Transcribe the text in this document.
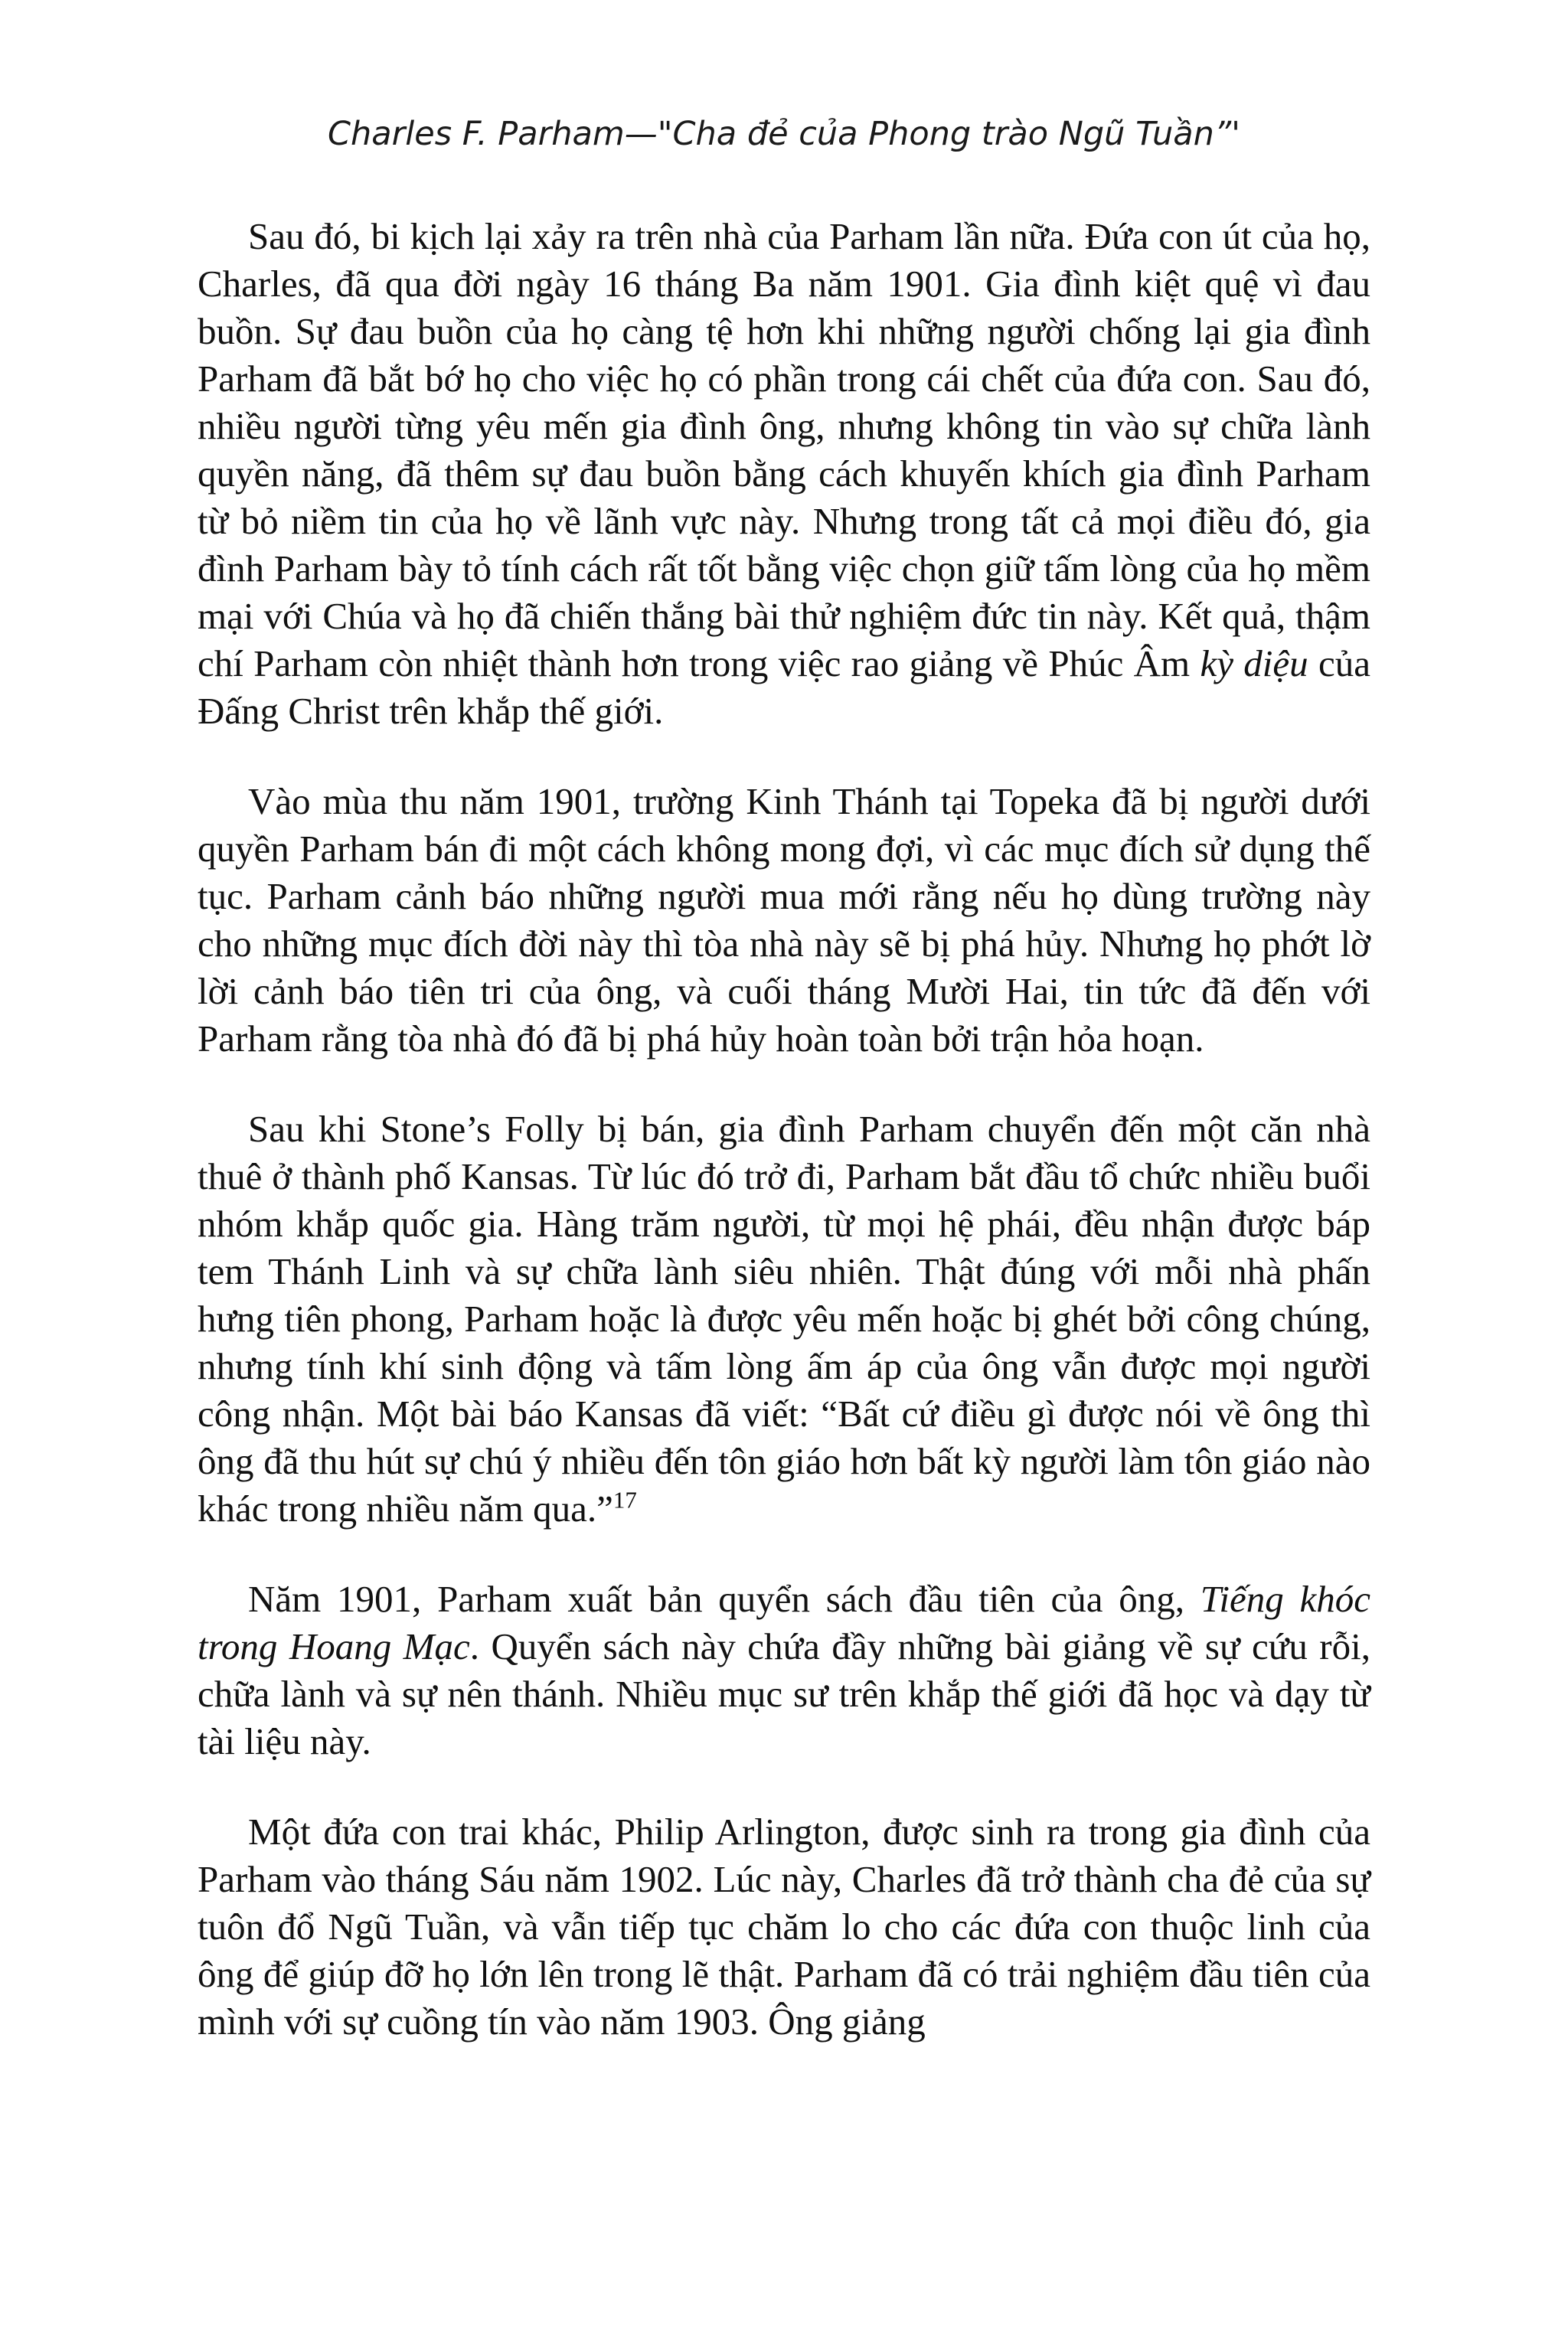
Charles F. Parham—"Cha đẻ của Phong trào Ngũ Tuần”'

Sau đó, bi kịch lại xảy ra trên nhà của Parham lần nữa. Đứa con út của họ, Charles, đã qua đời ngày 16 tháng Ba năm 1901. Gia đình kiệt quệ vì đau buồn. Sự đau buồn của họ càng tệ hơn khi những người chống lại gia đình Parham đã bắt bớ họ cho việc họ có phần trong cái chết của đứa con. Sau đó, nhiều người từng yêu mến gia đình ông, nhưng không tin vào sự chữa lành quyền năng, đã thêm sự đau buồn bằng cách khuyến khích gia đình Parham từ bỏ niềm tin của họ về lãnh vực này. Nhưng trong tất cả mọi điều đó, gia đình Parham bày tỏ tính cách rất tốt bằng việc chọn giữ tấm lòng của họ mềm mại với Chúa và họ đã chiến thắng bài thử nghiệm đức tin này. Kết quả, thậm chí Parham còn nhiệt thành hơn trong việc rao giảng về Phúc Âm kỳ diệu của Đấng Christ trên khắp thế giới.

Vào mùa thu năm 1901, trường Kinh Thánh tại Topeka đã bị người dưới quyền Parham bán đi một cách không mong đợi, vì các mục đích sử dụng thế tục. Parham cảnh báo những người mua mới rằng nếu họ dùng trường này cho những mục đích đời này thì tòa nhà này sẽ bị phá hủy. Nhưng họ phớt lờ lời cảnh báo tiên tri của ông, và cuối tháng Mười Hai, tin tức đã đến với Parham rằng tòa nhà đó đã bị phá hủy hoàn toàn bởi trận hỏa hoạn.

Sau khi Stone’s Folly bị bán, gia đình Parham chuyển đến một căn nhà thuê ở thành phố Kansas. Từ lúc đó trở đi, Parham bắt đầu tổ chức nhiều buổi nhóm khắp quốc gia. Hàng trăm người, từ mọi hệ phái, đều nhận được báp tem Thánh Linh và sự chữa lành siêu nhiên. Thật đúng với mỗi nhà phấn hưng tiên phong, Parham hoặc là được yêu mến hoặc bị ghét bởi công chúng, nhưng tính khí sinh động và tấm lòng ấm áp của ông vẫn được mọi người công nhận. Một bài báo Kansas đã viết: “Bất cứ điều gì được nói về ông thì ông đã thu hút sự chú ý nhiều đến tôn giáo hơn bất kỳ người làm tôn giáo nào khác trong nhiều năm qua.”$^{17}$

Năm 1901, Parham xuất bản quyển sách đầu tiên của ông, Tiếng khóc trong Hoang Mạc. Quyển sách này chứa đầy những bài giảng về sự cứu rỗi, chữa lành và sự nên thánh. Nhiều mục sư trên khắp thế giới đã học và dạy từ tài liệu này.

Một đứa con trai khác, Philip Arlington, được sinh ra trong gia đình của Parham vào tháng Sáu năm 1902. Lúc này, Charles đã trở thành cha đẻ của sự tuôn đổ Ngũ Tuần, và vẫn tiếp tục chăm lo cho các đứa con thuộc linh của ông để giúp đỡ họ lớn lên trong lẽ thật. Parham đã có trải nghiệm đầu tiên của mình với sự cuồng tín vào năm 1903. Ông giảng
